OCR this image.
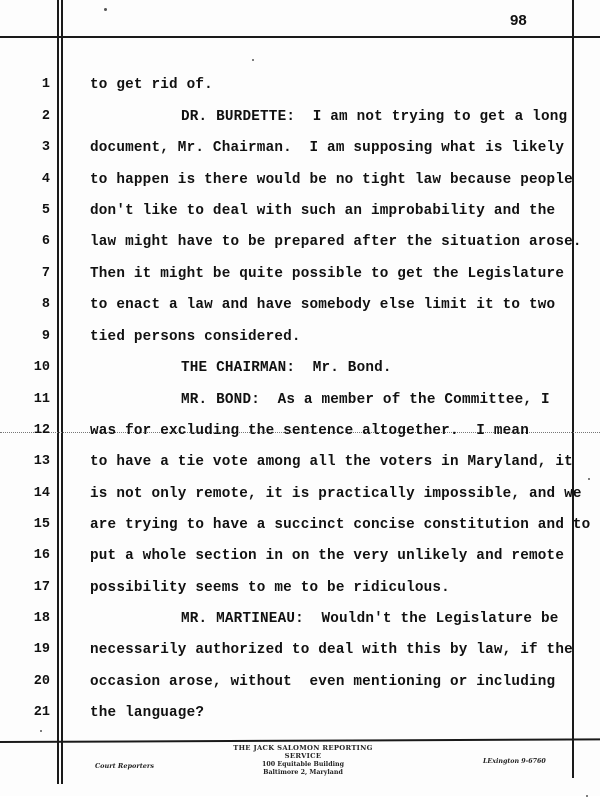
98
1	to get rid of.
2	DR. BURDETTE:  I am not trying to get a long
3	document, Mr. Chairman.  I am supposing what is likely
4	to happen is there would be no tight law because people
5	don't like to deal with such an improbability and the
6	law might have to be prepared after the situation arose.
7	Then it might be quite possible to get the Legislature
8	to enact a law and have somebody else limit it to two
9	tied persons considered.
10	THE CHAIRMAN:  Mr. Bond.
11	MR. BOND:  As a member of the Committee, I
12	was for excluding the sentence altogether.  I mean
13	to have a tie vote among all the voters in Maryland, it
14	is not only remote, it is practically impossible, and we
15	are trying to have a succinct concise constitution and to
16	put a whole section in on the very unlikely and remote
17	possibility seems to me to be ridiculous.
18	MR. MARTINEAU:  Wouldn't the Legislature be
19	necessarily authorized to deal with this by law, if the
20	occasion arose, without  even mentioning or including
21	the language?
Court Reporters
THE JACK SALOMON REPORTING SERVICE
100 Equitable Building
Baltimore 2, Maryland
LExington 9-6760
